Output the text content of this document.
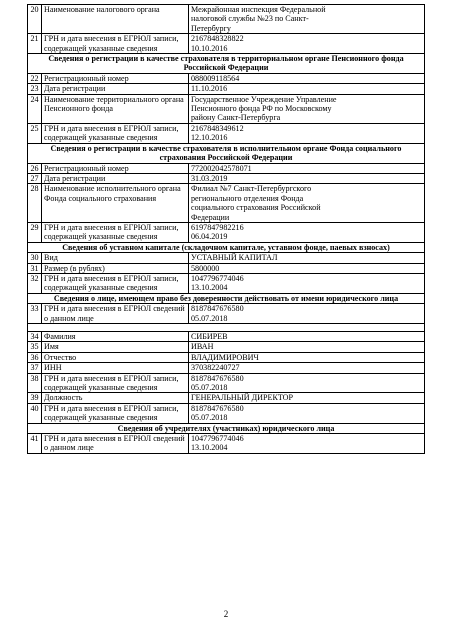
20	Наименование налогового органа	Межрайонная инспекция Федеральной
налоговой службы №23 по Санкт-
Петербургу
21	ГРН и дата внесения в ЕГРЮЛ записи, содержащей указанные сведения	2167848328822
10.10.2016
Сведения о регистрации в качестве страхователя в территориальном органе Пенсионного фонда Российской Федерации		
22	Регистрационный номер	088009118564
23	Дата регистрации	11.10.2016
24	Наименование территориального органа Пенсионного фонда	Государственное Учреждение Управление
Пенсионного фонда РФ по Московскому
району Санкт-Петербурга
25	ГРН и дата внесения в ЕГРЮЛ записи, содержащей указанные сведения	2167848349612
12.10.2016
Сведения о регистрации в качестве страхователя в исполнительном органе Фонда социального страхования Российской Федерации		
26	Регистрационный номер	772002042578071
27	Дата регистрации	31.03.2019
28	Наименование исполнительного органа Фонда социального страхования	Филиал №7 Санкт-Петербургского
регионального отделения Фонда
социального страхования Российской
Федерации
29	ГРН и дата внесения в ЕГРЮЛ записи, содержащей указанные сведения	6197847982216
06.04.2019
Сведения об уставном капитале (складочном капитале, уставном фонде, паевых взносах)		
30	Вид	УСТАВНЫЙ КАПИТАЛ
31	Размер (в рублях)	5800000
32	ГРН и дата внесения в ЕГРЮЛ записи, содержащей указанные сведения	1047796774046
13.10.2004
Сведения о лице, имеющем право без доверенности действовать от имени юридического лица		
33	ГРН и дата внесения в ЕГРЮЛ сведений о данном лице	8187847676580
05.07.2018

34	Фамилия	СИБИРЕВ
35	Имя	ИВАН
36	Отчество	ВЛАДИМИРОВИЧ
37	ИНН	370382240727
38	ГРН и дата внесения в ЕГРЮЛ записи, содержащей указанные сведения	8187847676580
05.07.2018
39	Должность	ГЕНЕРАЛЬНЫЙ ДИРЕКТОР
40	ГРН и дата внесения в ЕГРЮЛ записи, содержащей указанные сведения	8187847676580
05.07.2018
Сведения об учредителях (участниках) юридического лица		
41	ГРН и дата внесения в ЕГРЮЛ сведений о данном лице	1047796774046
13.10.2004
2
